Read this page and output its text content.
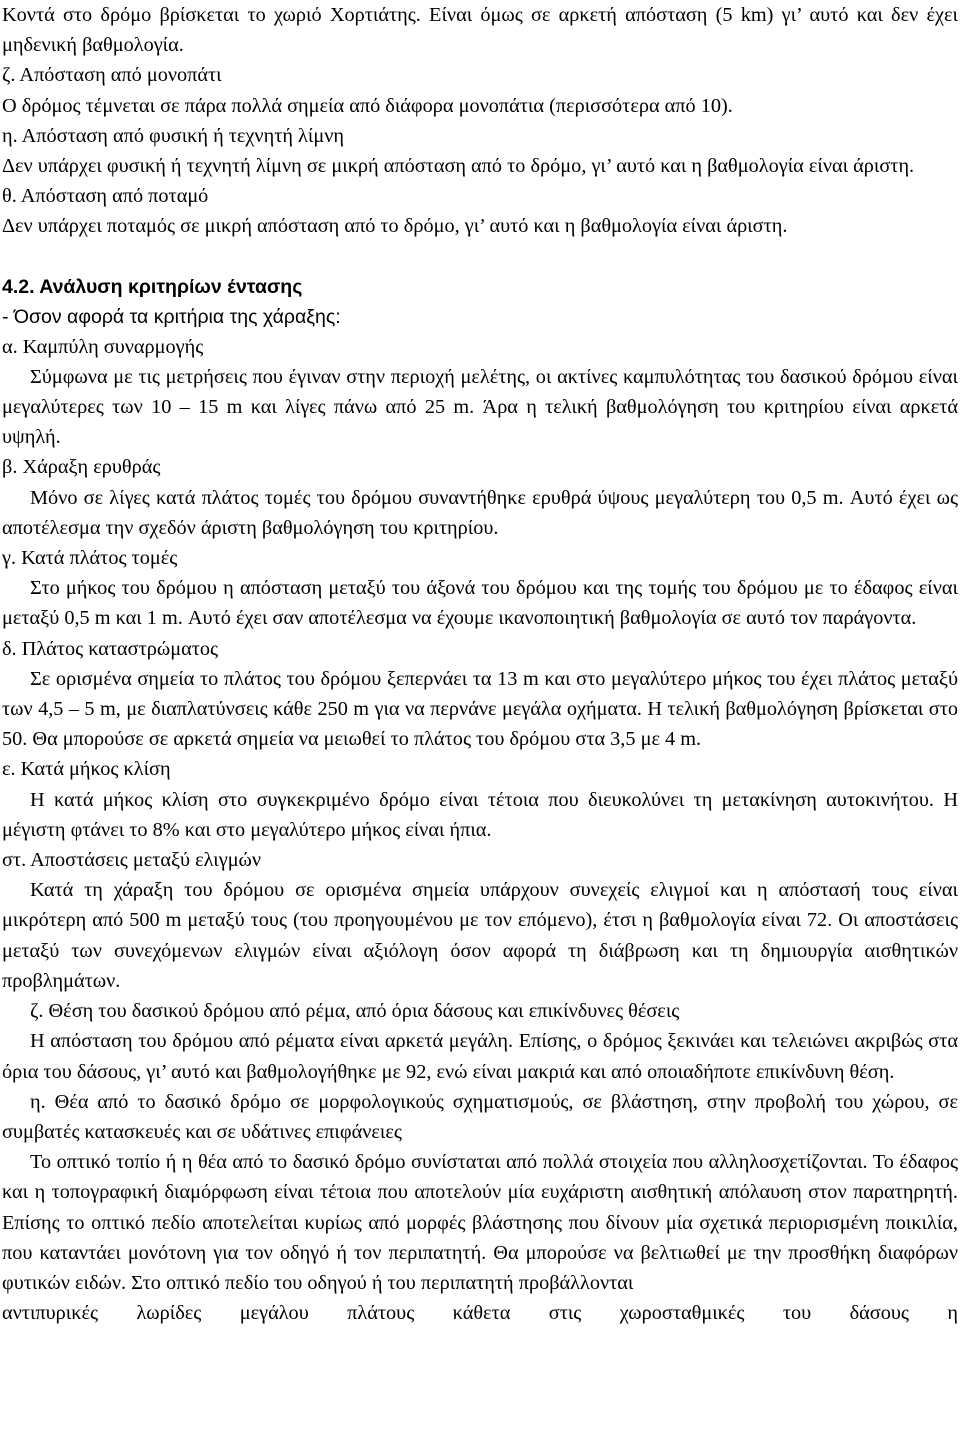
Κοντά στο δρόμο βρίσκεται το χωριό Χορτιάτης. Είναι όμως σε αρκετή απόσταση (5 km) γι’ αυτό και δεν έχει μηδενική βαθμολογία.

ζ. Απόσταση από μονοπάτι

Ο δρόμος τέμνεται σε πάρα πολλά σημεία από διάφορα μονοπάτια (περισσότερα από 10).

η. Απόσταση από φυσική ή τεχνητή λίμνη

Δεν υπάρχει φυσική ή τεχνητή λίμνη σε μικρή απόσταση από το δρόμο, γι’ αυτό και η βαθμολογία είναι άριστη.

θ. Απόσταση από ποταμό

Δεν υπάρχει ποταμός σε μικρή απόσταση από το δρόμο, γι’ αυτό και η βαθμολογία είναι άριστη.

4.2. Ανάλυση κριτηρίων έντασης

- Όσον αφορά τα κριτήρια της χάραξης:

α. Καμπύλη συναρμογής

Σύμφωνα με τις μετρήσεις που έγιναν στην περιοχή μελέτης, οι ακτίνες καμπυλότητας του δασικού δρόμου είναι μεγαλύτερες των 10 – 15 m και λίγες πάνω από 25 m. Άρα η τελική βαθμολόγηση του κριτηρίου είναι αρκετά υψηλή.

β. Χάραξη ερυθράς

Μόνο σε λίγες κατά πλάτος τομές του δρόμου συναντήθηκε ερυθρά ύψους μεγαλύτερη του 0,5 m. Αυτό έχει ως αποτέλεσμα την σχεδόν άριστη βαθμολόγηση του κριτηρίου.

γ. Κατά πλάτος τομές

Στο μήκος του δρόμου η απόσταση μεταξύ του άξονά του δρόμου και της τομής του δρόμου με το έδαφος είναι μεταξύ 0,5 m και 1 m. Αυτό έχει σαν αποτέλεσμα να έχουμε ικανοποιητική βαθμολογία σε αυτό τον παράγοντα.

δ. Πλάτος καταστρώματος

Σε ορισμένα σημεία το πλάτος του δρόμου ξεπερνάει τα 13 m και στο μεγαλύτερο μήκος του έχει πλάτος μεταξύ των 4,5 – 5 m, με διαπλατύνσεις κάθε 250 m για να περνάνε μεγάλα οχήματα. Η τελική βαθμολόγηση βρίσκεται στο 50. Θα μπορούσε σε αρκετά σημεία να μειωθεί το πλάτος του δρόμου στα 3,5 με 4 m.

ε. Κατά μήκος κλίση

Η κατά μήκος κλίση στο συγκεκριμένο δρόμο είναι τέτοια που διευκολύνει τη μετακίνηση αυτοκινήτου. Η μέγιστη φτάνει το 8% και στο μεγαλύτερο μήκος είναι ήπια.

στ. Αποστάσεις μεταξύ ελιγμών

Κατά τη χάραξη του δρόμου σε ορισμένα σημεία υπάρχουν συνεχείς ελιγμοί και η απόστασή τους είναι μικρότερη από 500 m μεταξύ τους (του προηγουμένου με τον επόμενο), έτσι η βαθμολογία είναι 72. Οι αποστάσεις μεταξύ των συνεχόμενων ελιγμών είναι αξιόλογη όσον αφορά τη διάβρωση και τη δημιουργία αισθητικών προβλημάτων.

ζ. Θέση του δασικού δρόμου από ρέμα, από όρια δάσους και επικίνδυνες θέσεις

Η απόσταση του δρόμου από ρέματα είναι αρκετά μεγάλη. Επίσης, ο δρόμος ξεκινάει και τελειώνει ακριβώς στα όρια του δάσους, γι’ αυτό και βαθμολογήθηκε με 92, ενώ είναι μακριά και από οποιαδήποτε επικίνδυνη θέση.

η. Θέα από το δασικό δρόμο σε μορφολογικούς σχηματισμούς, σε βλάστηση, στην προβολή του χώρου, σε συμβατές κατασκευές και σε υδάτινες επιφάνειες

Το οπτικό τοπίο ή η θέα από το δασικό δρόμο συνίσταται από πολλά στοιχεία που αλληλοσχετίζονται. Το έδαφος και η τοπογραφική διαμόρφωση είναι τέτοια που αποτελούν μία ευχάριστη αισθητική απόλαυση στον παρατηρητή. Επίσης το οπτικό πεδίο αποτελείται κυρίως από μορφές βλάστησης που δίνουν μία σχετικά περιορισμένη ποικιλία, που καταντάει μονότονη για τον οδηγό ή τον περιπατητή. Θα μπορούσε να βελτιωθεί με την προσθήκη διαφόρων φυτικών ειδών. Στο οπτικό πεδίο του οδηγού ή του περιπατητή προβάλλονται

αντιπυρικές λωρίδες μεγάλου πλάτους κάθετα στις χωροσταθμικές του δάσους η
